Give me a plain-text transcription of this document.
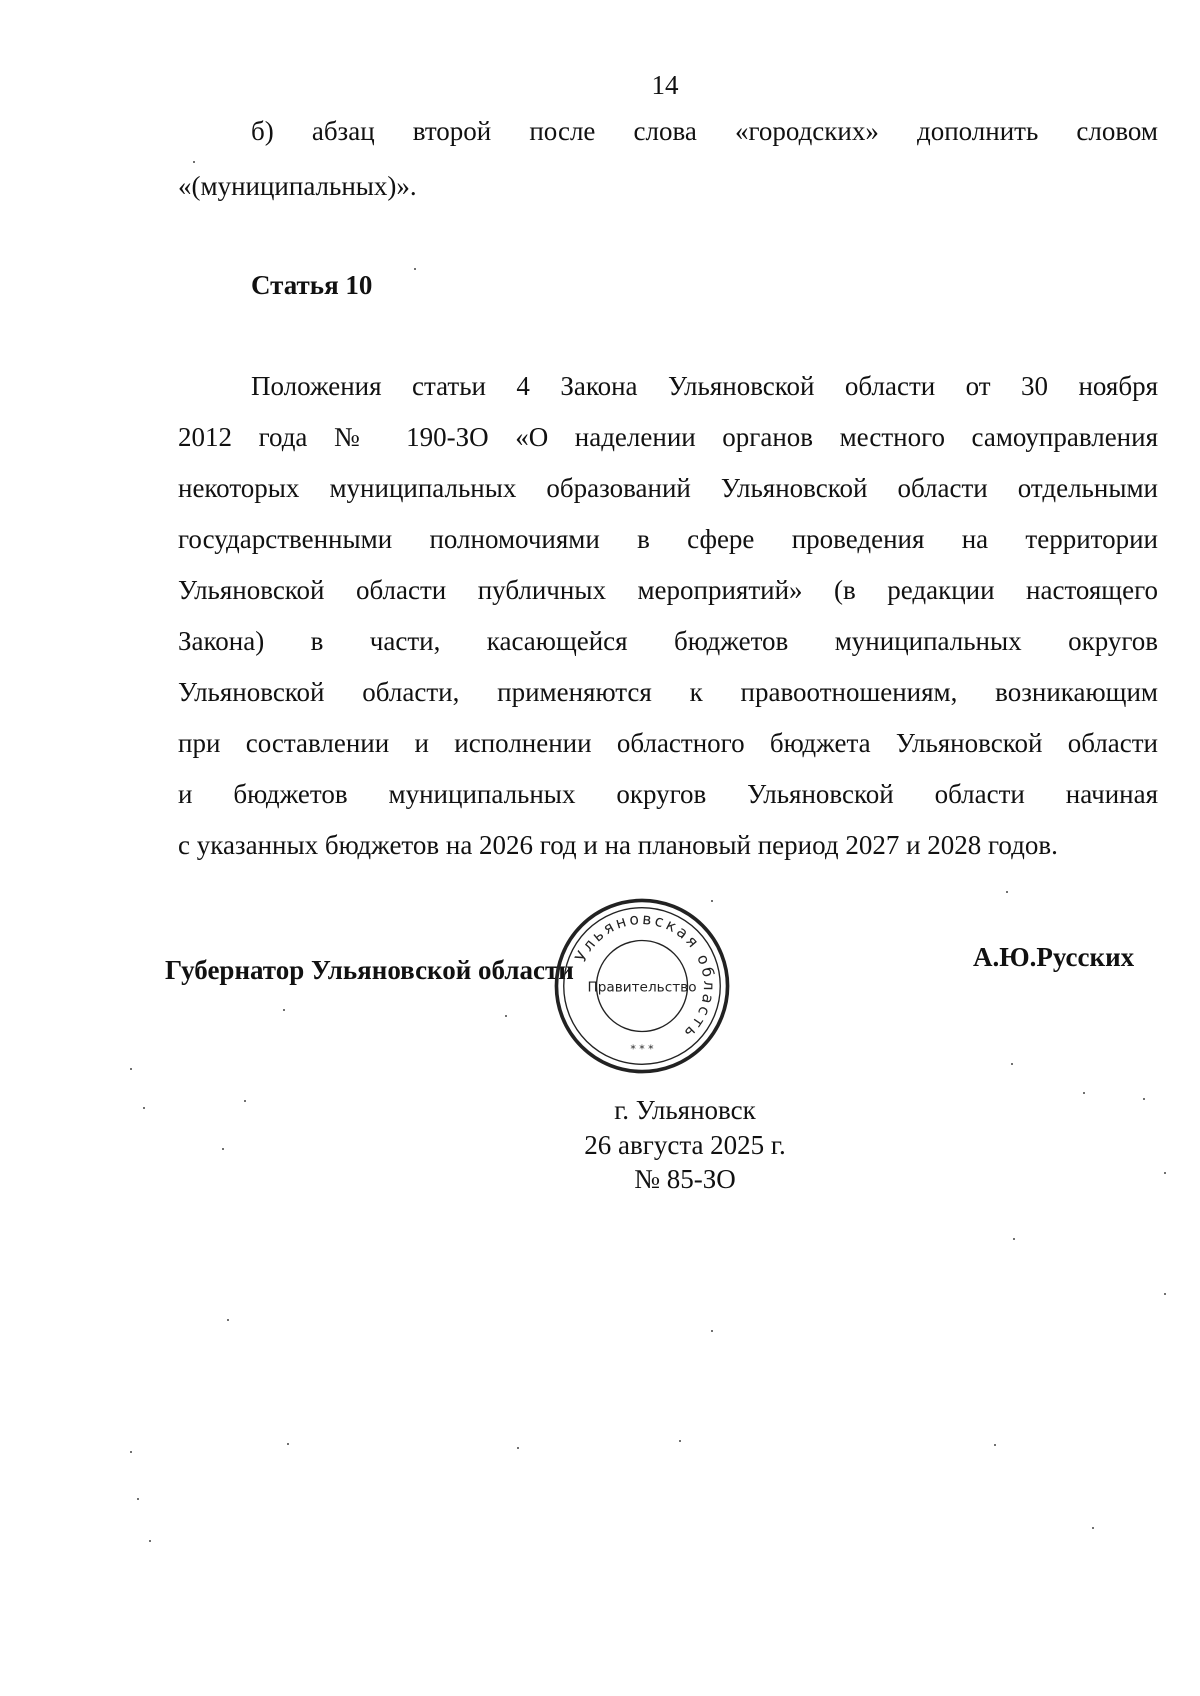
14
б) абзац второй после слова «городских» дополнить словом
«(муниципальных)».
Статья 10
Положения статьи 4 Закона Ульяновской области от 30 ноября
2012 года № 190-ЗО «О наделении органов местного самоуправления
некоторых муниципальных образований Ульяновской области отдельными
государственными полномочиями в сфере проведения на территории
Ульяновской области публичных мероприятий» (в редакции настоящего
Закона) в части, касающейся бюджетов муниципальных округов
Ульяновской области, применяются к правоотношениям, возникающим
при составлении и исполнении областного бюджета Ульяновской области
и бюджетов муниципальных округов Ульяновской области начиная
с указанных бюджетов на 2026 год и на плановый период 2027 и 2028 годов.
Губернатор Ульяновской области	А.Ю.Русских
Ульяновская область
Правительство
* * *
г. Ульяновск
26 августа 2025 г.
№ 85-ЗО
